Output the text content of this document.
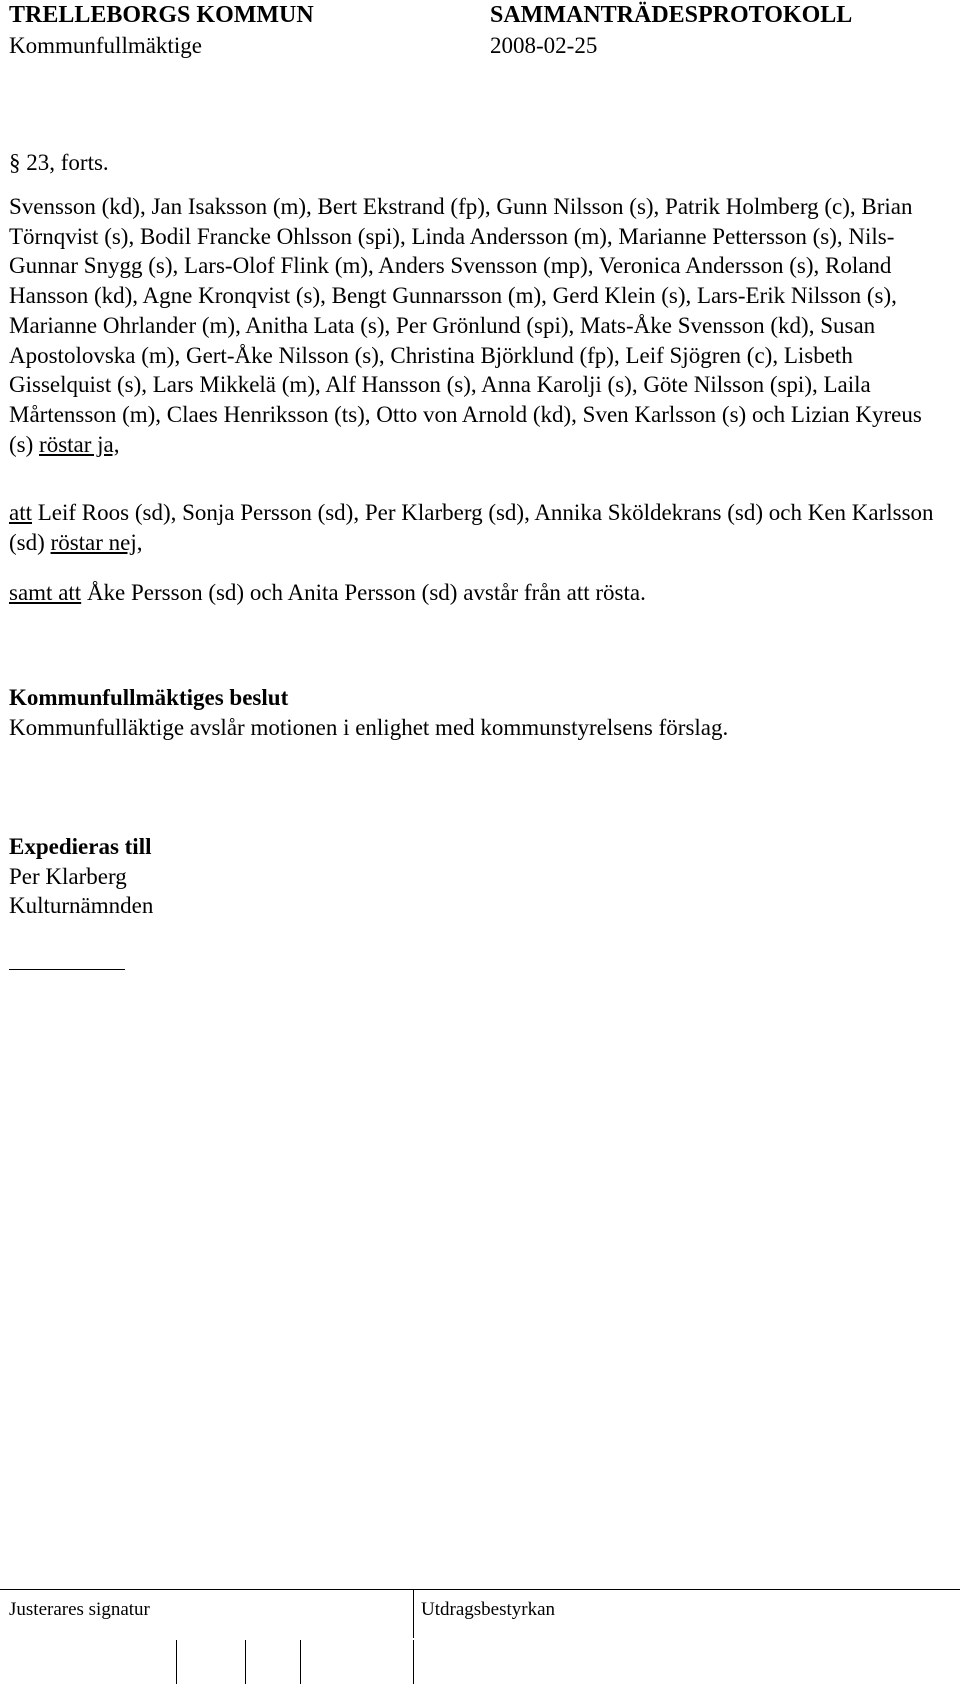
TRELLEBORGS KOMMUN	SAMMANTRÄDESPROTOKOLL
Kommunfullmäktige	2008-02-25
§ 23, forts.
Svensson (kd), Jan Isaksson (m), Bert Ekstrand (fp), Gunn Nilsson (s), Patrik Holmberg (c), Brian Törnqvist (s), Bodil Francke Ohlsson (spi), Linda Andersson (m), Marianne Pettersson (s), Nils-Gunnar Snygg (s), Lars-Olof Flink (m), Anders Svensson (mp), Veronica Andersson (s), Roland Hansson (kd), Agne Kronqvist (s), Bengt Gunnarsson (m), Gerd Klein (s), Lars-Erik Nilsson (s), Marianne Ohrlander (m), Anitha Lata (s), Per Grönlund (spi), Mats-Åke Svensson (kd), Susan Apostolovska (m), Gert-Åke Nilsson (s), Christina Björklund (fp), Leif Sjögren (c), Lisbeth Gisselquist (s), Lars Mikkelä (m), Alf Hansson (s), Anna Karolji (s), Göte Nilsson (spi), Laila Mårtensson (m), Claes Henriksson (ts), Otto von Arnold (kd), Sven Karlsson (s) och Lizian Kyreus (s) röstar ja,
att Leif Roos (sd), Sonja Persson (sd), Per Klarberg (sd), Annika Sköldekrans (sd) och Ken Karlsson (sd) röstar nej,
samt att Åke Persson (sd) och Anita Persson (sd) avstår från att rösta.
Kommunfullmäktiges beslut
Kommunfulläktige avslår motionen i enlighet med kommunstyrelsens förslag.
Expedieras till
Per Klarberg
Kulturnämnden
Justerares signatur	Utdragsbestyrkan
